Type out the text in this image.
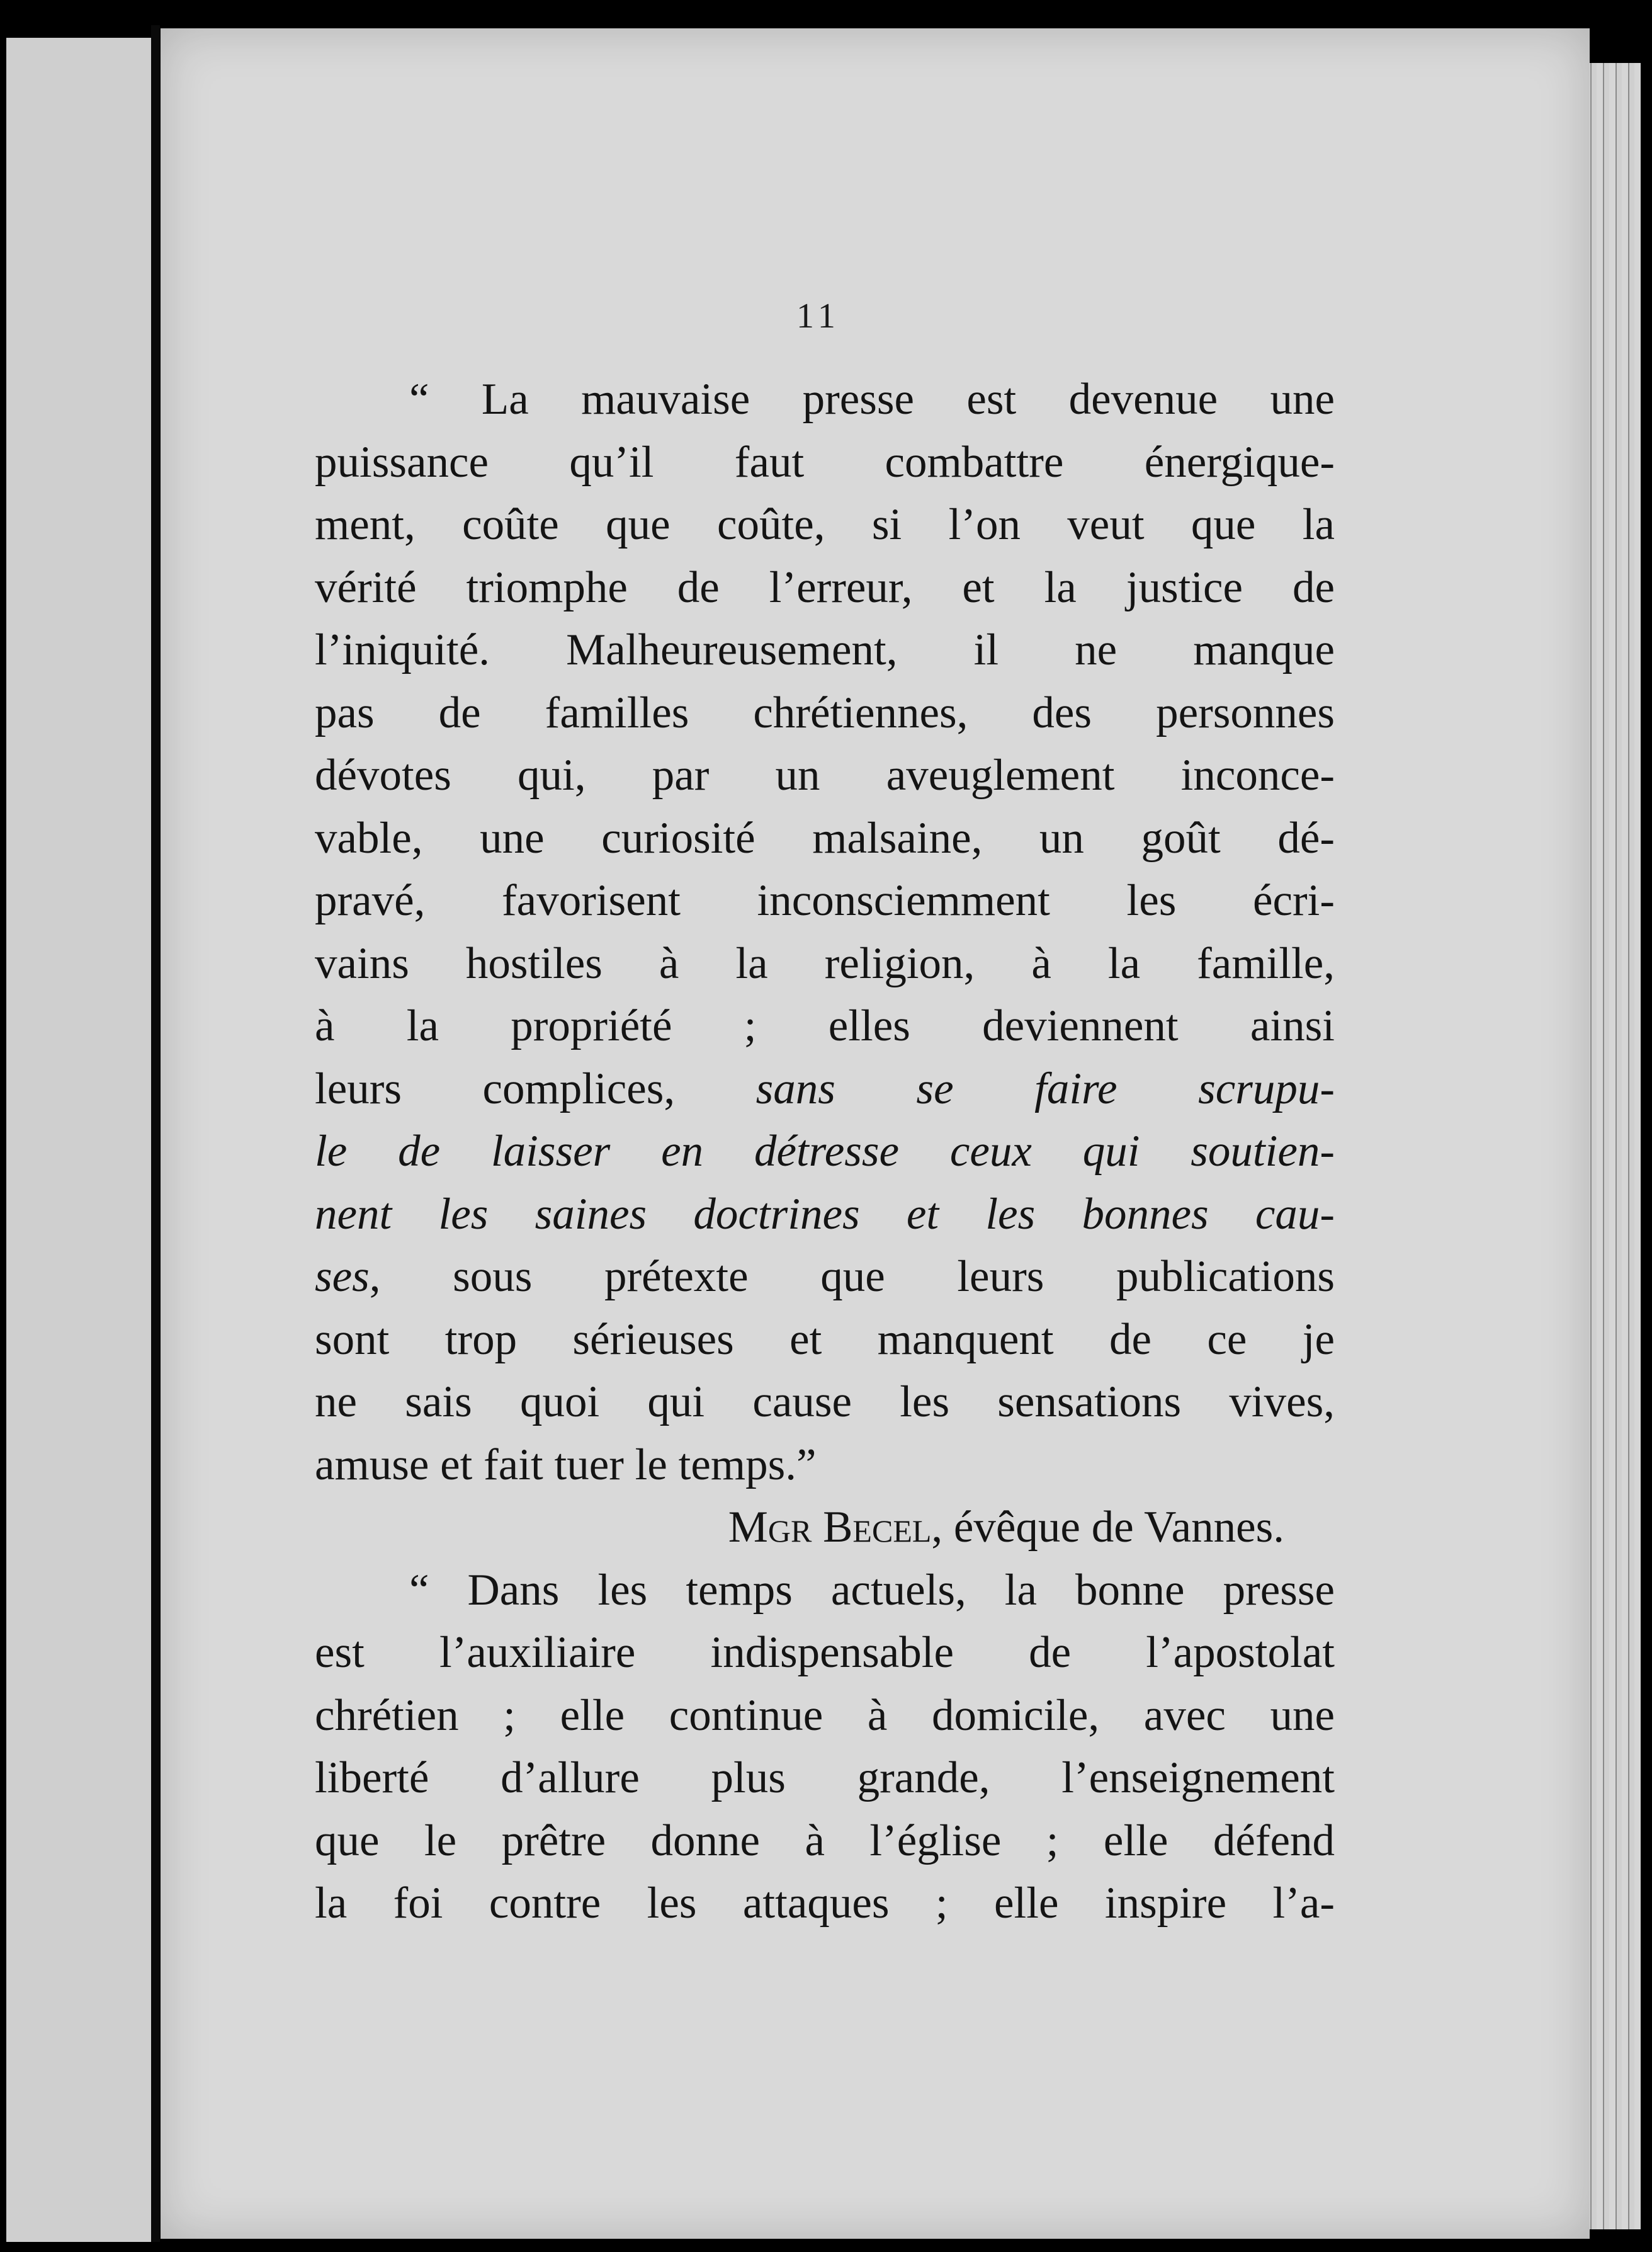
11
“ La mauvaise presse est devenue une
puissance qu’il faut combattre énergique-
ment, coûte que coûte, si l’on veut que la
vérité triomphe de l’erreur, et la justice de
l’iniquité. Malheureusement, il ne manque
pas de familles chrétiennes, des personnes
dévotes qui, par un aveuglement inconce-
vable, une curiosité malsaine, un goût dé-
pravé, favorisent inconsciemment les écri-
vains hostiles à la religion, à la famille,
à la propriété ; elles deviennent ainsi
leurs complices, sans se faire scrupu-
le de laisser en détresse ceux qui soutien-
nent les saines doctrines et les bonnes cau-
ses, sous prétexte que leurs publications
sont trop sérieuses et manquent de ce je
ne sais quoi qui cause les sensations vives,
amuse et fait tuer le temps.”
Mgr Becel, évêque de Vannes.
“ Dans les temps actuels, la bonne presse
est l’auxiliaire indispensable de l’apostolat
chrétien ; elle continue à domicile, avec une
liberté d’allure plus grande, l’enseignement
que le prêtre donne à l’église ; elle défend
la foi contre les attaques ; elle inspire l’a-
